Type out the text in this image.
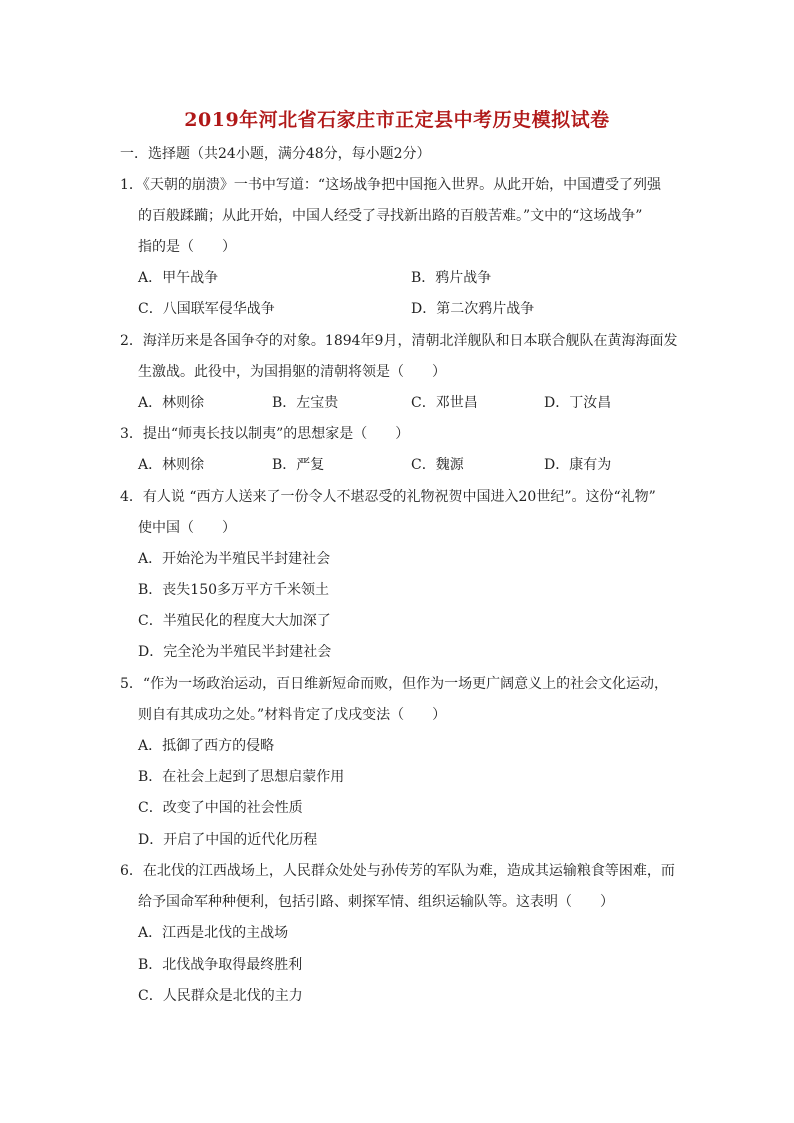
2019年河北省石家庄市正定县中考历史模拟试卷
一．选择题（共24小题，满分48分，每小题2分）
1．《天朝的崩溃》一书中写道：“这场战争把中国拖入世界。从此开始，中国遭受了列强
的百般蹂躏；从此开始，中国人经受了寻找新出路的百般苦难。”文中的“这场战争”
指的是（　　）
A．甲午战争	B．鸦片战争
C．八国联军侵华战争	D．第二次鸦片战争
2．海洋历来是各国争夺的对象。1894年9月，清朝北洋舰队和日本联合舰队在黄海海面发
生激战。此役中，为国捐躯的清朝将领是（　　）
A．林则徐	B．左宝贵	C．邓世昌	D．丁汝昌
3．提出“师夷长技以制夷”的思想家是（　　）
A．林则徐	B．严复	C．魏源	D．康有为
4．有人说 “西方人送来了一份令人不堪忍受的礼物祝贺中国进入20世纪”。这份“礼物”
使中国（　　）
A．开始沦为半殖民半封建社会
B．丧失150多万平方千米领土
C．半殖民化的程度大大加深了
D．完全沦为半殖民半封建社会
5．“作为一场政治运动，百日维新短命而败，但作为一场更广阔意义上的社会文化运动，
则自有其成功之处。”材料肯定了戊戌变法（　　）
A．抵御了西方的侵略
B．在社会上起到了思想启蒙作用
C．改变了中国的社会性质
D．开启了中国的近代化历程
6．在北伐的江西战场上，人民群众处处与孙传芳的军队为难，造成其运输粮食等困难，而
给予国命军种种便利，包括引路、刺探军情、组织运输队等。这表明（　　）
A．江西是北伐的主战场
B．北伐战争取得最终胜利
C．人民群众是北伐的主力
